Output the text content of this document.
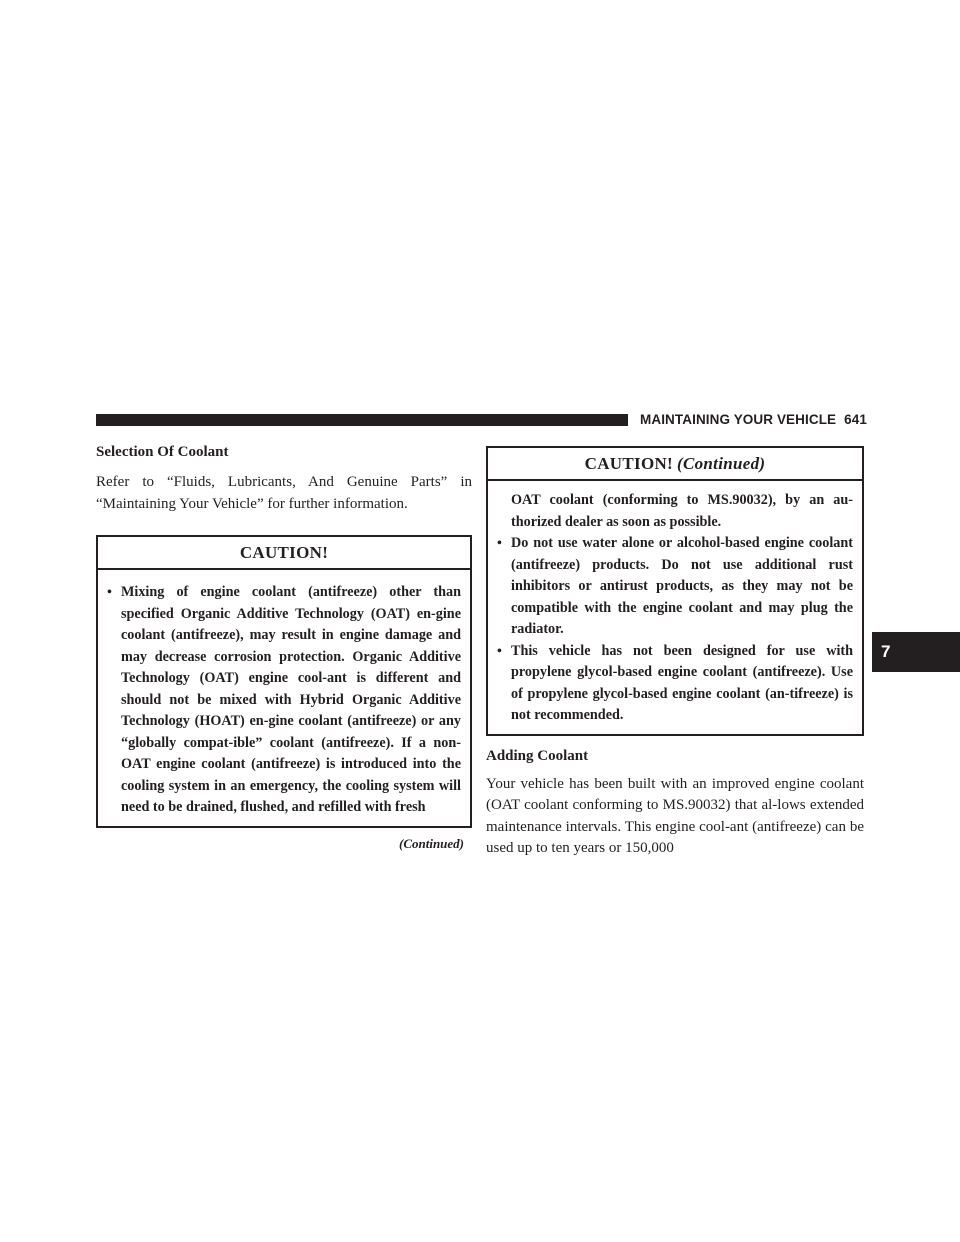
MAINTAINING YOUR VEHICLE 641
Selection Of Coolant

Refer to “Fluids, Lubricants, And Genuine Parts” in “Maintaining Your Vehicle” for further information.

CAUTION!
• Mixing of engine coolant (antifreeze) other than specified Organic Additive Technology (OAT) en-gine coolant (antifreeze), may result in engine damage and may decrease corrosion protection. Organic Additive Technology (OAT) engine cool-ant is different and should not be mixed with Hybrid Organic Additive Technology (HOAT) en-gine coolant (antifreeze) or any “globally compat-ible” coolant (antifreeze). If a non-OAT engine coolant (antifreeze) is introduced into the cooling system in an emergency, the cooling system will need to be drained, flushed, and refilled with fresh

(Continued)
CAUTION! (Continued)

OAT coolant (conforming to MS.90032), by an au-thorized dealer as soon as possible.

• Do not use water alone or alcohol-based engine coolant (antifreeze) products. Do not use additional rust inhibitors or antirust products, as they may not be compatible with the engine coolant and may plug the radiator.

• This vehicle has not been designed for use with propylene glycol-based engine coolant (antifreeze). Use of propylene glycol-based engine coolant (an-tifreeze) is not recommended.

Adding Coolant

Your vehicle has been built with an improved engine coolant (OAT coolant conforming to MS.90032) that al-lows extended maintenance intervals. This engine cool-ant (antifreeze) can be used up to ten years or 150,000

7
